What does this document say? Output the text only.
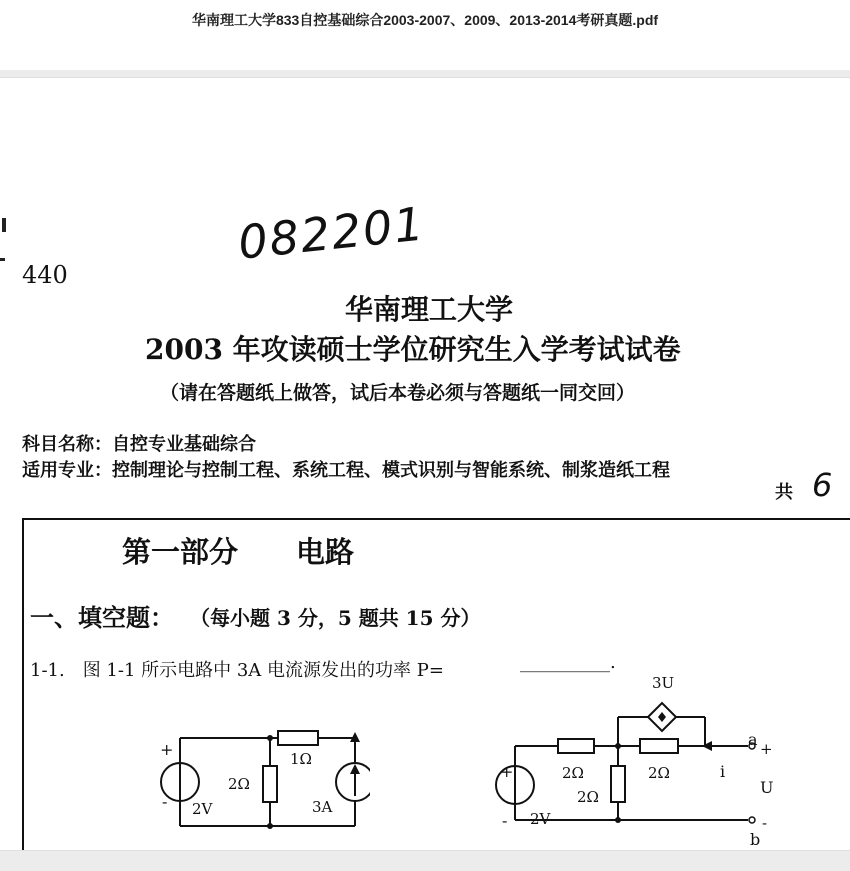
华南理工大学833自控基础综合2003-2007、2009、2013-2014考研真题.pdf
082201
440
华南理工大学
2003 年攻读硕士学位研究生入学考试试卷
（请在答题纸上做答，试后本卷必须与答题纸一同交回）
科目名称：自控专业基础综合
适用专业：控制理论与控制工程、系统工程、模式识别与智能系统、制浆造纸工程
共 6
第一部分　　电路
一、填空题： （每小题 3 分，5 题共 15 分）
1-1.　图 1-1 所示电路中 3A 电流源发出的功率 P=	__________.
+
- 2V
2Ω
1Ω
3A
3U
+
- 2V
2Ω	2Ω
2Ω
i
a +
U
-
b
